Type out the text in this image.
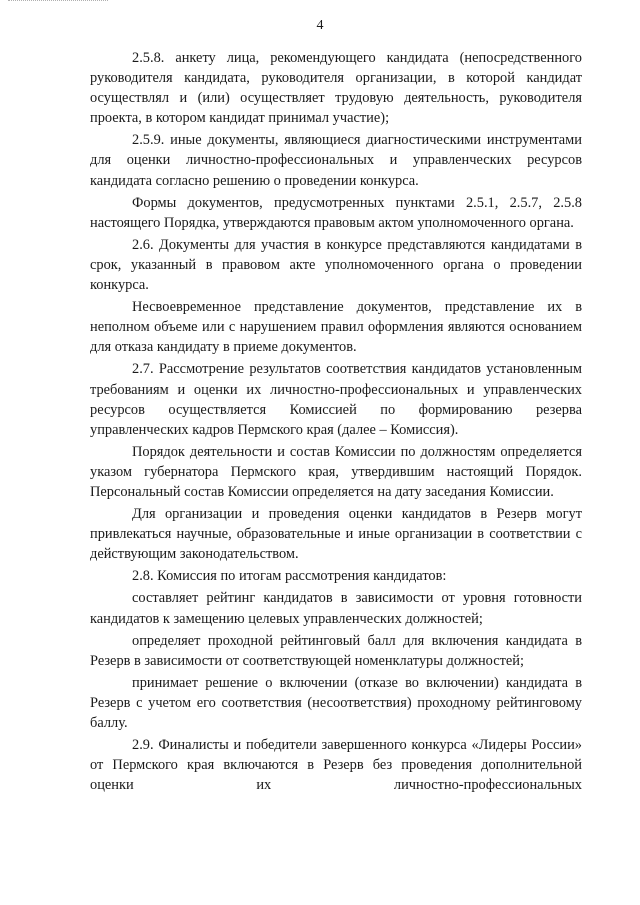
4

2.5.8. анкету лица, рекомендующего кандидата (непосредственного руководителя кандидата, руководителя организации, в которой кандидат осуществлял и (или) осуществляет трудовую деятельность, руководителя проекта, в котором кандидат принимал участие);

2.5.9. иные документы, являющиеся диагностическими инструментами для оценки личностно-профессиональных и управленческих ресурсов кандидата согласно решению о проведении конкурса.

Формы документов, предусмотренных пунктами 2.5.1, 2.5.7, 2.5.8 настоящего Порядка, утверждаются правовым актом уполномоченного органа.

2.6. Документы для участия в конкурсе представляются кандидатами в срок, указанный в правовом акте уполномоченного органа о проведении конкурса.

Несвоевременное представление документов, представление их в неполном объеме или с нарушением правил оформления являются основанием для отказа кандидату в приеме документов.

2.7. Рассмотрение результатов соответствия кандидатов установленным требованиям и оценки их личностно-профессиональных и управленческих ресурсов осуществляется Комиссией по формированию резерва управленческих кадров Пермского края (далее – Комиссия).

Порядок деятельности и состав Комиссии по должностям определяется указом губернатора Пермского края, утвердившим настоящий Порядок. Персональный состав Комиссии определяется на дату заседания Комиссии.

Для организации и проведения оценки кандидатов в Резерв могут привлекаться научные, образовательные и иные организации в соответствии с действующим законодательством.

2.8. Комиссия по итогам рассмотрения кандидатов:

составляет рейтинг кандидатов в зависимости от уровня готовности кандидатов к замещению целевых управленческих должностей;

определяет проходной рейтинговый балл для включения кандидата в Резерв в зависимости от соответствующей номенклатуры должностей;

принимает решение о включении (отказе во включении) кандидата в Резерв с учетом его соответствия (несоответствия) проходному рейтинговому баллу.

2.9. Финалисты и победители завершенного конкурса «Лидеры России» от Пермского края включаются в Резерв без проведения дополнительной оценки их личностно-профессиональных
